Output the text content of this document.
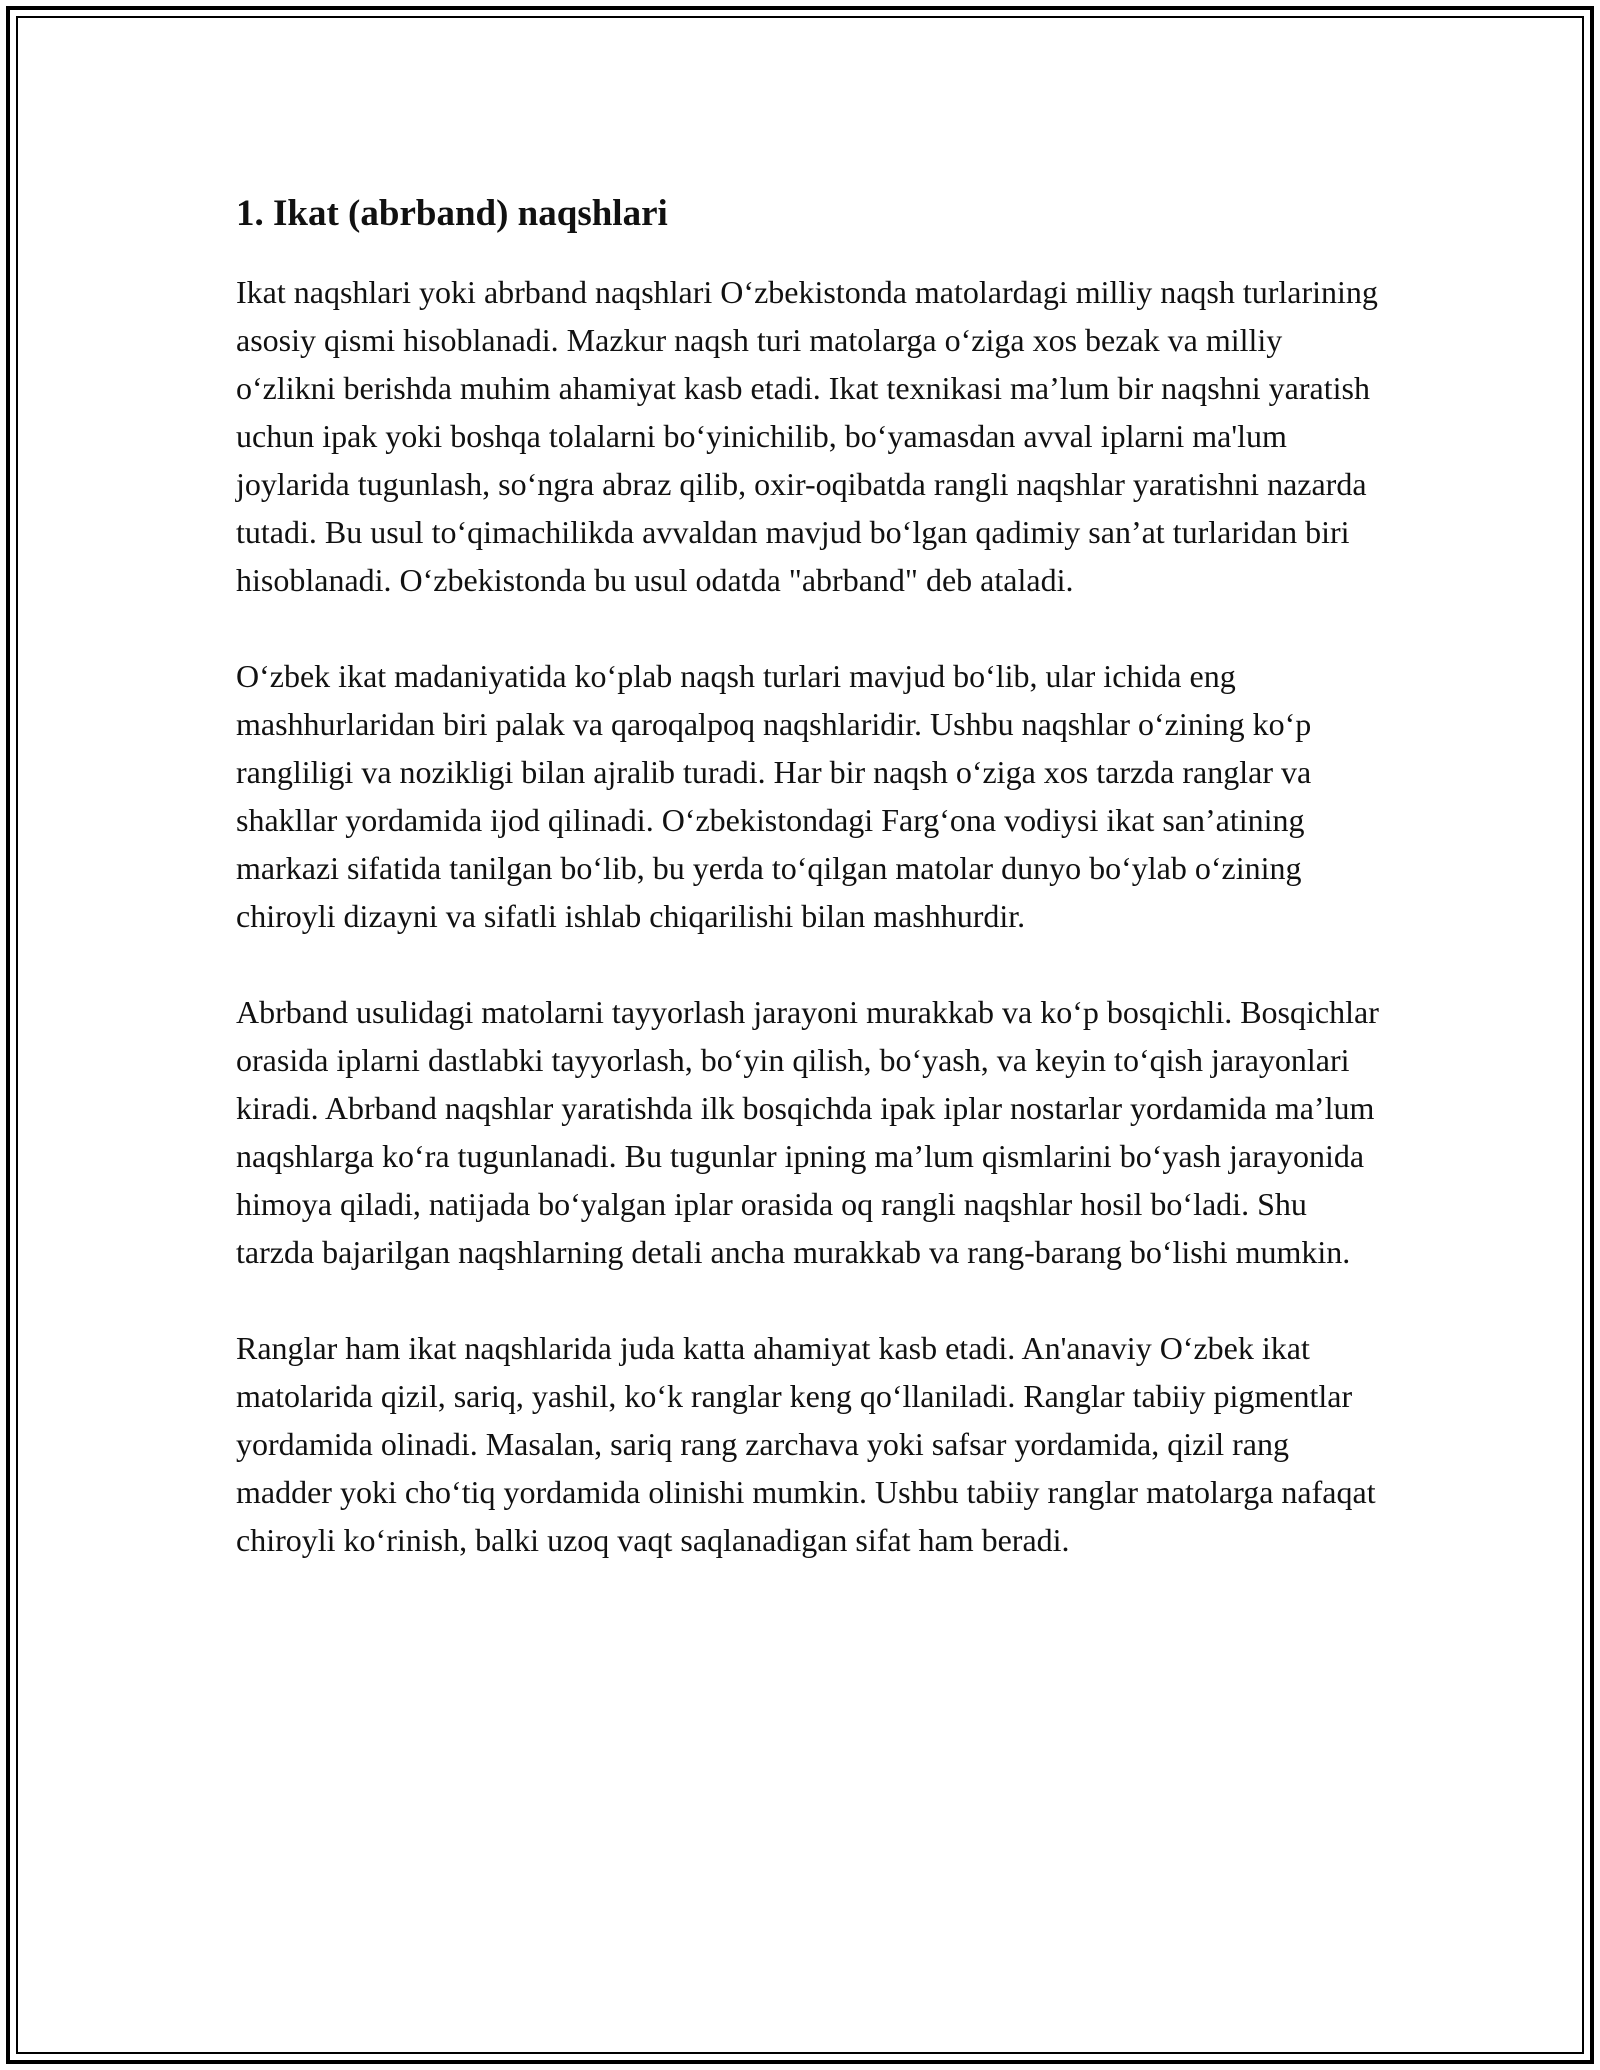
1. Ikat (abrband) naqshlari

Ikat naqshlari yoki abrband naqshlari O‘zbekistonda matolardagi milliy naqsh turlarining asosiy qismi hisoblanadi. Mazkur naqsh turi matolarga o‘ziga xos bezak va milliy o‘zlikni berishda muhim ahamiyat kasb etadi. Ikat texnikasi ma’lum bir naqshni yaratish uchun ipak yoki boshqa tolalarni bo‘yinichilib, bo‘yamasdan avval iplarni ma'lum joylarida tugunlash, so‘ngra abraz qilib, oxir-oqibatda rangli naqshlar yaratishni nazarda tutadi. Bu usul to‘qimachilikda avvaldan mavjud bo‘lgan qadimiy san’at turlaridan biri hisoblanadi. O‘zbekistonda bu usul odatda "abrband" deb ataladi.

O‘zbek ikat madaniyatida ko‘plab naqsh turlari mavjud bo‘lib, ular ichida eng mashhurlaridan biri palak va qaroqalpoq naqshlaridir. Ushbu naqshlar o‘zining ko‘p rangliligi va nozikligi bilan ajralib turadi. Har bir naqsh o‘ziga xos tarzda ranglar va shakllar yordamida ijod qilinadi. O‘zbekistondagi Farg‘ona vodiysi ikat san’atining markazi sifatida tanilgan bo‘lib, bu yerda to‘qilgan matolar dunyo bo‘ylab o‘zining chiroyli dizayni va sifatli ishlab chiqarilishi bilan mashhurdir.

Abrband usulidagi matolarni tayyorlash jarayoni murakkab va ko‘p bosqichli. Bosqichlar orasida iplarni dastlabki tayyorlash, bo‘yin qilish, bo‘yash, va keyin to‘qish jarayonlari kiradi. Abrband naqshlar yaratishda ilk bosqichda ipak iplar nostarlar yordamida ma’lum naqshlarga ko‘ra tugunlanadi. Bu tugunlar ipning ma’lum qismlarini bo‘yash jarayonida himoya qiladi, natijada bo‘yalgan iplar orasida oq rangli naqshlar hosil bo‘ladi. Shu tarzda bajarilgan naqshlarning detali ancha murakkab va rang-barang bo‘lishi mumkin.

Ranglar ham ikat naqshlarida juda katta ahamiyat kasb etadi. An'anaviy O‘zbek ikat matolarida qizil, sariq, yashil, ko‘k ranglar keng qo‘llaniladi. Ranglar tabiiy pigmentlar yordamida olinadi. Masalan, sariq rang zarchava yoki safsar yordamida, qizil rang madder yoki cho‘tiq yordamida olinishi mumkin. Ushbu tabiiy ranglar matolarga nafaqat chiroyli ko‘rinish, balki uzoq vaqt saqlanadigan sifat ham beradi.
